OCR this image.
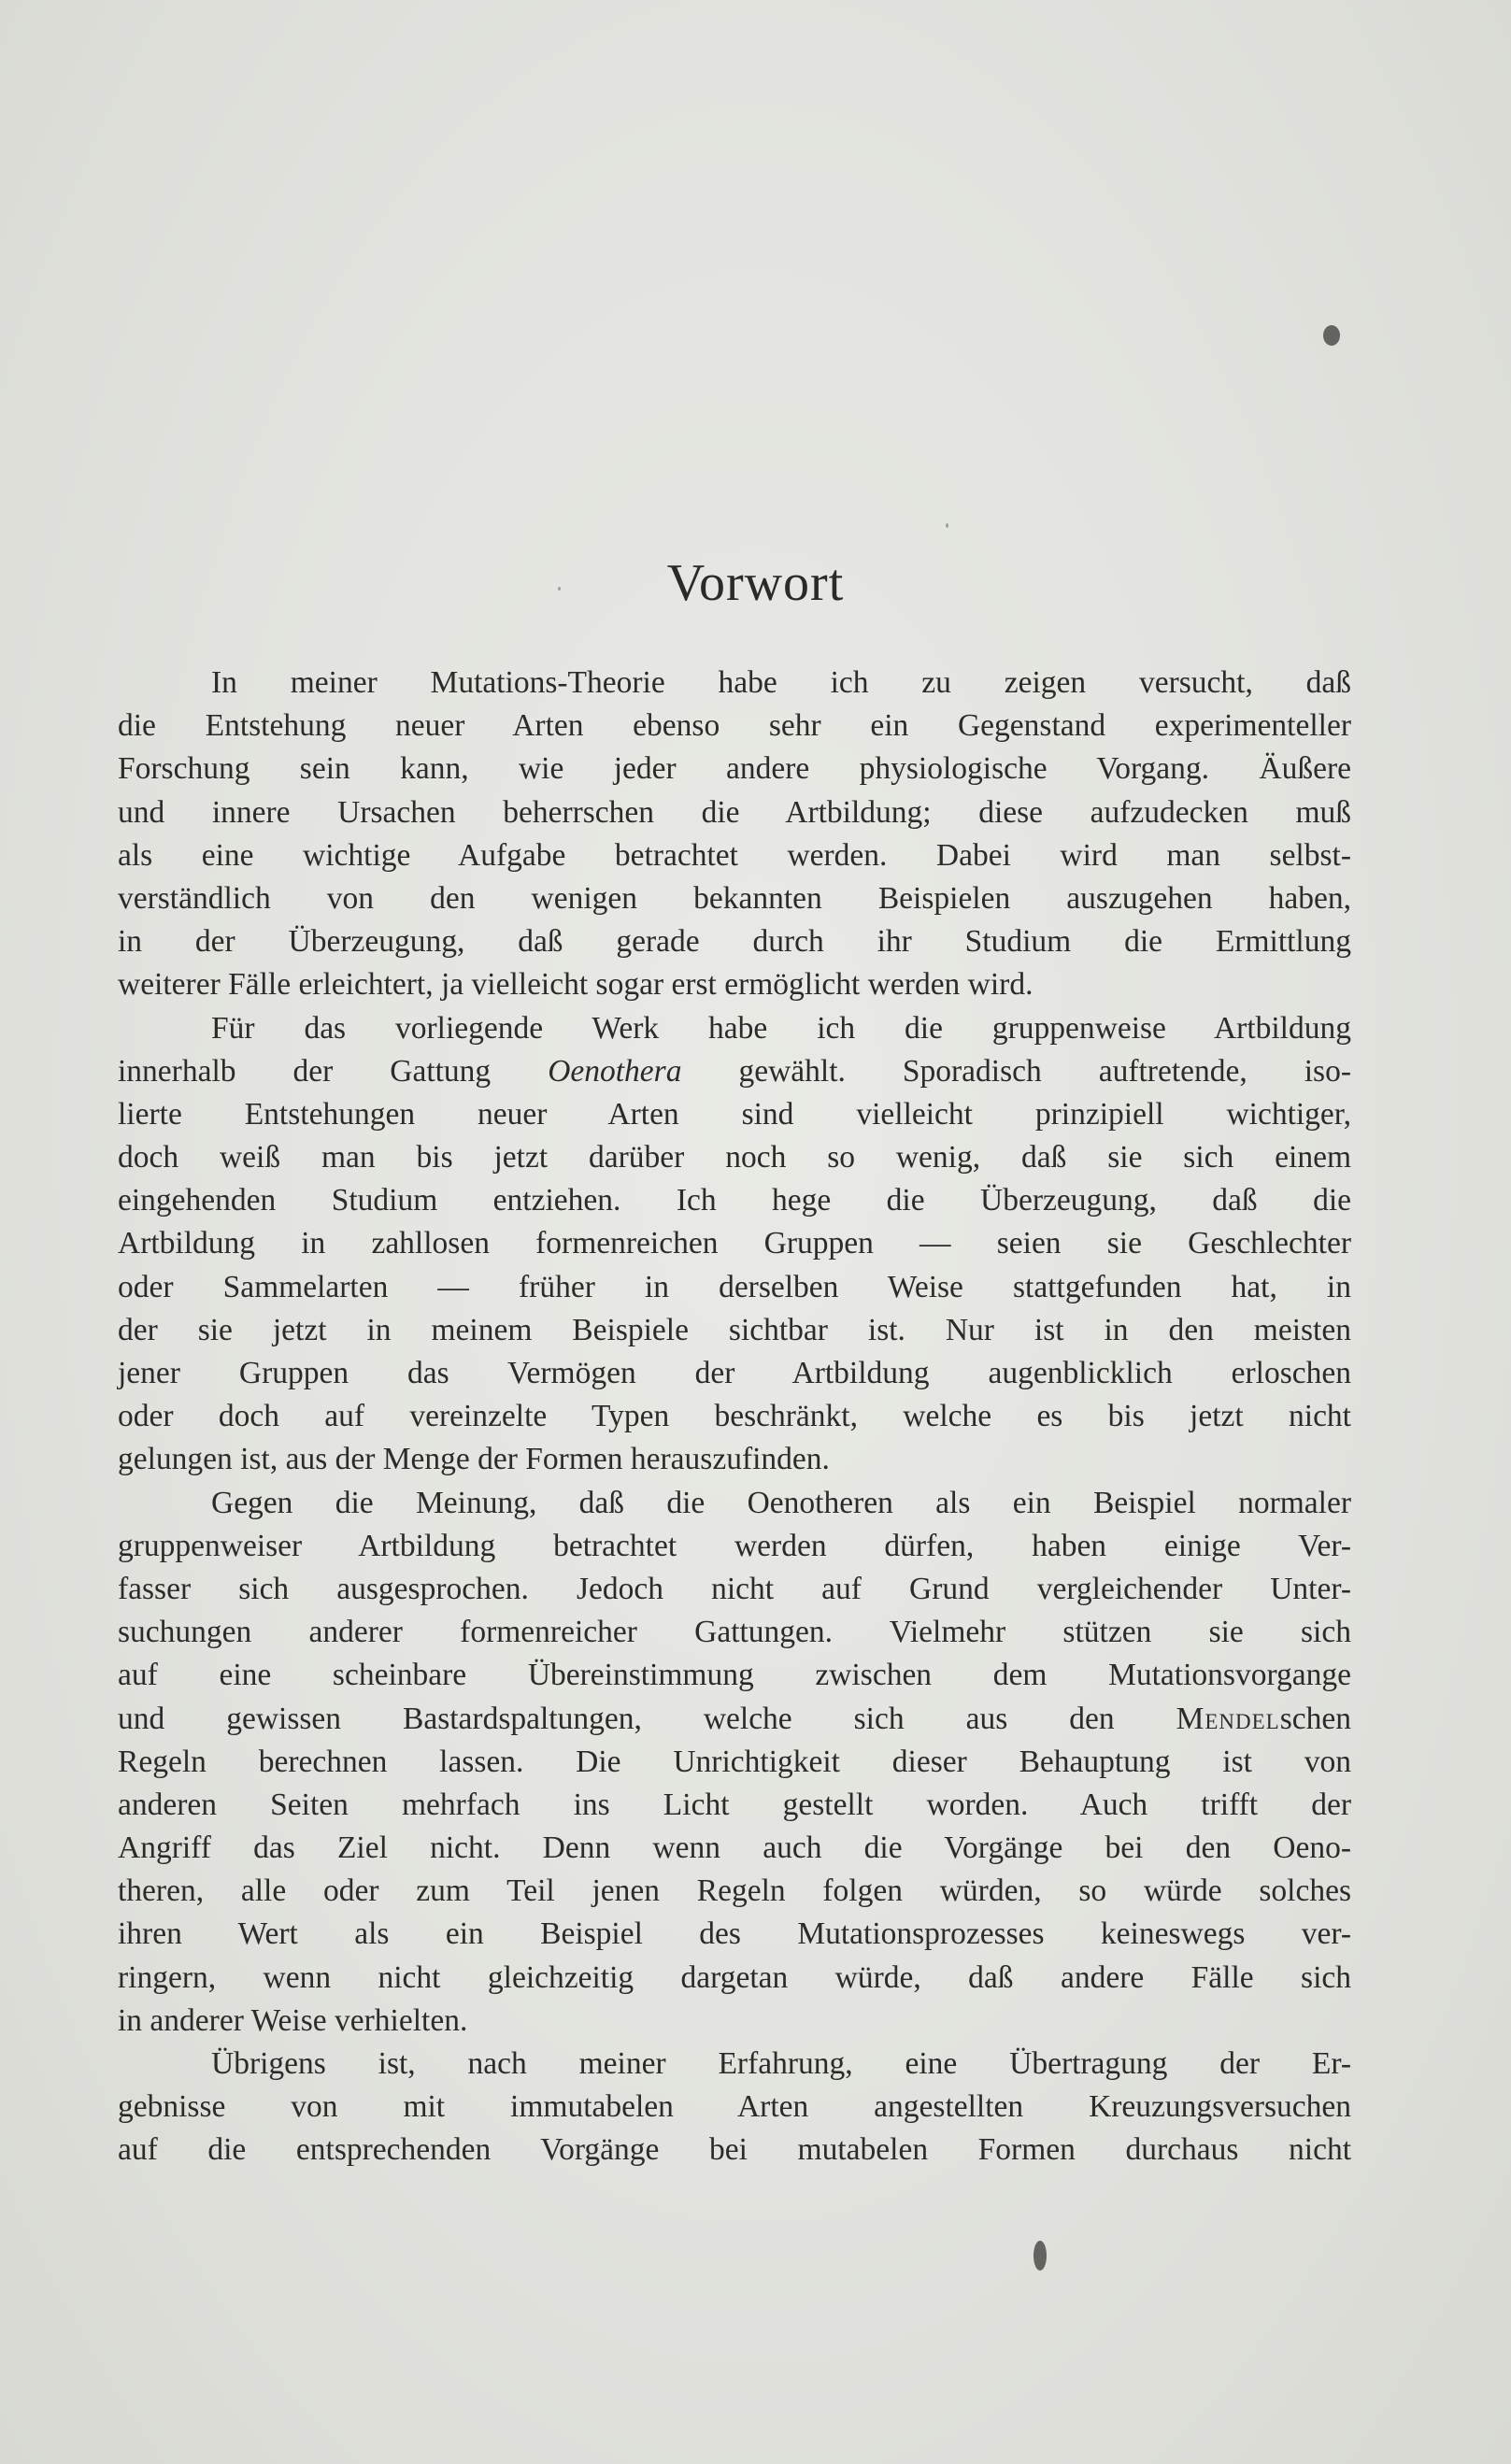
Vorwort
In meiner Mutations-Theorie habe ich zu zeigen versucht, daß
die Entstehung neuer Arten ebenso sehr ein Gegenstand experimenteller
Forschung sein kann, wie jeder andere physiologische Vorgang. Äußere
und innere Ursachen beherrschen die Artbildung; diese aufzudecken muß
als eine wichtige Aufgabe betrachtet werden. Dabei wird man selbst-
verständlich von den wenigen bekannten Beispielen auszugehen haben,
in der Überzeugung, daß gerade durch ihr Studium die Ermittlung
weiterer Fälle erleichtert, ja vielleicht sogar erst ermöglicht werden wird.
Für das vorliegende Werk habe ich die gruppenweise Artbildung
innerhalb der Gattung Oenothera gewählt. Sporadisch auftretende, iso-
lierte Entstehungen neuer Arten sind vielleicht prinzipiell wichtiger,
doch weiß man bis jetzt darüber noch so wenig, daß sie sich einem
eingehenden Studium entziehen. Ich hege die Überzeugung, daß die
Artbildung in zahllosen formenreichen Gruppen — seien sie Geschlechter
oder Sammelarten — früher in derselben Weise stattgefunden hat, in
der sie jetzt in meinem Beispiele sichtbar ist. Nur ist in den meisten
jener Gruppen das Vermögen der Artbildung augenblicklich erloschen
oder doch auf vereinzelte Typen beschränkt, welche es bis jetzt nicht
gelungen ist, aus der Menge der Formen herauszufinden.
Gegen die Meinung, daß die Oenotheren als ein Beispiel normaler
gruppenweiser Artbildung betrachtet werden dürfen, haben einige Ver-
fasser sich ausgesprochen. Jedoch nicht auf Grund vergleichender Unter-
suchungen anderer formenreicher Gattungen. Vielmehr stützen sie sich
auf eine scheinbare Übereinstimmung zwischen dem Mutationsvorgange
und gewissen Bastardspaltungen, welche sich aus den Mendelschen
Regeln berechnen lassen. Die Unrichtigkeit dieser Behauptung ist von
anderen Seiten mehrfach ins Licht gestellt worden. Auch trifft der
Angriff das Ziel nicht. Denn wenn auch die Vorgänge bei den Oeno-
theren, alle oder zum Teil jenen Regeln folgen würden, so würde solches
ihren Wert als ein Beispiel des Mutationsprozesses keineswegs ver-
ringern, wenn nicht gleichzeitig dargetan würde, daß andere Fälle sich
in anderer Weise verhielten.
Übrigens ist, nach meiner Erfahrung, eine Übertragung der Er-
gebnisse von mit immutabelen Arten angestellten Kreuzungsversuchen
auf die entsprechenden Vorgänge bei mutabelen Formen durchaus nicht
